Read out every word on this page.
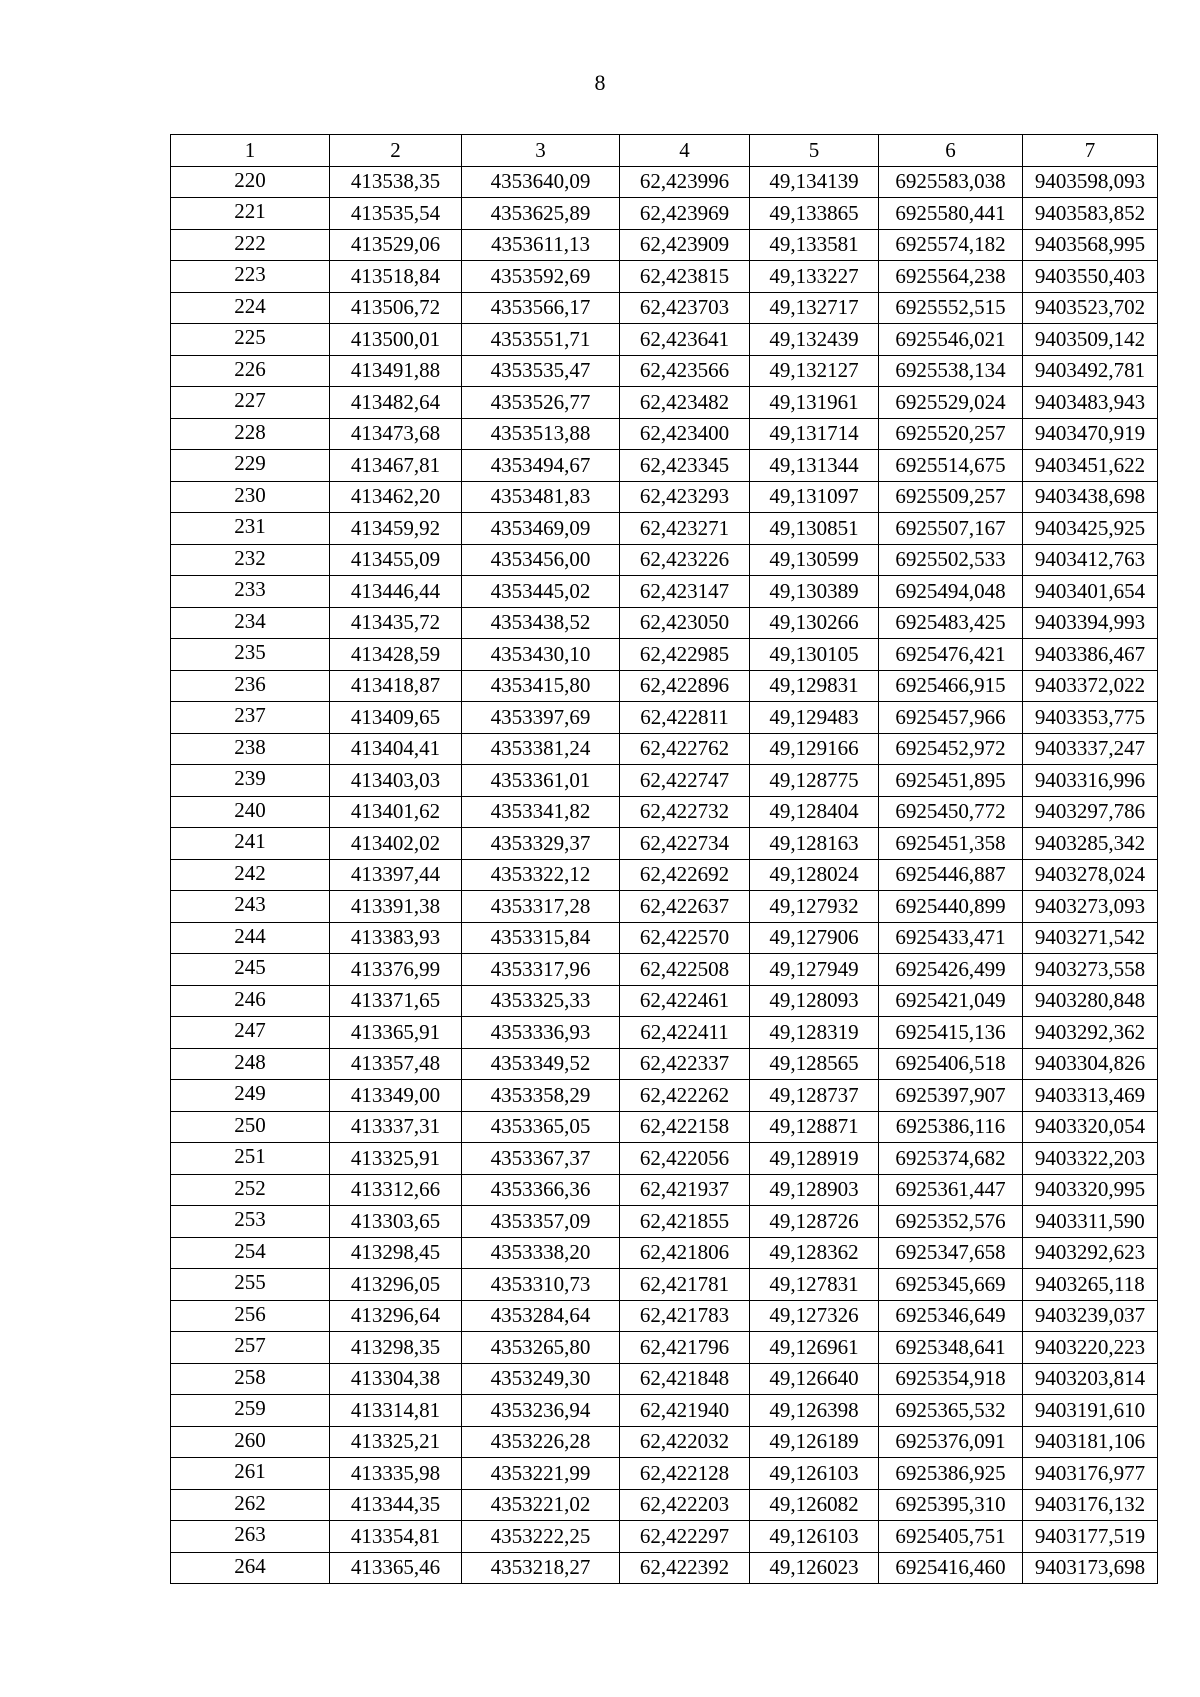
8
1	2	3	4	5	6	7
220	413538,35	4353640,09	62,423996	49,134139	6925583,038	9403598,093
221	413535,54	4353625,89	62,423969	49,133865	6925580,441	9403583,852
222	413529,06	4353611,13	62,423909	49,133581	6925574,182	9403568,995
223	413518,84	4353592,69	62,423815	49,133227	6925564,238	9403550,403
224	413506,72	4353566,17	62,423703	49,132717	6925552,515	9403523,702
225	413500,01	4353551,71	62,423641	49,132439	6925546,021	9403509,142
226	413491,88	4353535,47	62,423566	49,132127	6925538,134	9403492,781
227	413482,64	4353526,77	62,423482	49,131961	6925529,024	9403483,943
228	413473,68	4353513,88	62,423400	49,131714	6925520,257	9403470,919
229	413467,81	4353494,67	62,423345	49,131344	6925514,675	9403451,622
230	413462,20	4353481,83	62,423293	49,131097	6925509,257	9403438,698
231	413459,92	4353469,09	62,423271	49,130851	6925507,167	9403425,925
232	413455,09	4353456,00	62,423226	49,130599	6925502,533	9403412,763
233	413446,44	4353445,02	62,423147	49,130389	6925494,048	9403401,654
234	413435,72	4353438,52	62,423050	49,130266	6925483,425	9403394,993
235	413428,59	4353430,10	62,422985	49,130105	6925476,421	9403386,467
236	413418,87	4353415,80	62,422896	49,129831	6925466,915	9403372,022
237	413409,65	4353397,69	62,422811	49,129483	6925457,966	9403353,775
238	413404,41	4353381,24	62,422762	49,129166	6925452,972	9403337,247
239	413403,03	4353361,01	62,422747	49,128775	6925451,895	9403316,996
240	413401,62	4353341,82	62,422732	49,128404	6925450,772	9403297,786
241	413402,02	4353329,37	62,422734	49,128163	6925451,358	9403285,342
242	413397,44	4353322,12	62,422692	49,128024	6925446,887	9403278,024
243	413391,38	4353317,28	62,422637	49,127932	6925440,899	9403273,093
244	413383,93	4353315,84	62,422570	49,127906	6925433,471	9403271,542
245	413376,99	4353317,96	62,422508	49,127949	6925426,499	9403273,558
246	413371,65	4353325,33	62,422461	49,128093	6925421,049	9403280,848
247	413365,91	4353336,93	62,422411	49,128319	6925415,136	9403292,362
248	413357,48	4353349,52	62,422337	49,128565	6925406,518	9403304,826
249	413349,00	4353358,29	62,422262	49,128737	6925397,907	9403313,469
250	413337,31	4353365,05	62,422158	49,128871	6925386,116	9403320,054
251	413325,91	4353367,37	62,422056	49,128919	6925374,682	9403322,203
252	413312,66	4353366,36	62,421937	49,128903	6925361,447	9403320,995
253	413303,65	4353357,09	62,421855	49,128726	6925352,576	9403311,590
254	413298,45	4353338,20	62,421806	49,128362	6925347,658	9403292,623
255	413296,05	4353310,73	62,421781	49,127831	6925345,669	9403265,118
256	413296,64	4353284,64	62,421783	49,127326	6925346,649	9403239,037
257	413298,35	4353265,80	62,421796	49,126961	6925348,641	9403220,223
258	413304,38	4353249,30	62,421848	49,126640	6925354,918	9403203,814
259	413314,81	4353236,94	62,421940	49,126398	6925365,532	9403191,610
260	413325,21	4353226,28	62,422032	49,126189	6925376,091	9403181,106
261	413335,98	4353221,99	62,422128	49,126103	6925386,925	9403176,977
262	413344,35	4353221,02	62,422203	49,126082	6925395,310	9403176,132
263	413354,81	4353222,25	62,422297	49,126103	6925405,751	9403177,519
264	413365,46	4353218,27	62,422392	49,126023	6925416,460	9403173,698
